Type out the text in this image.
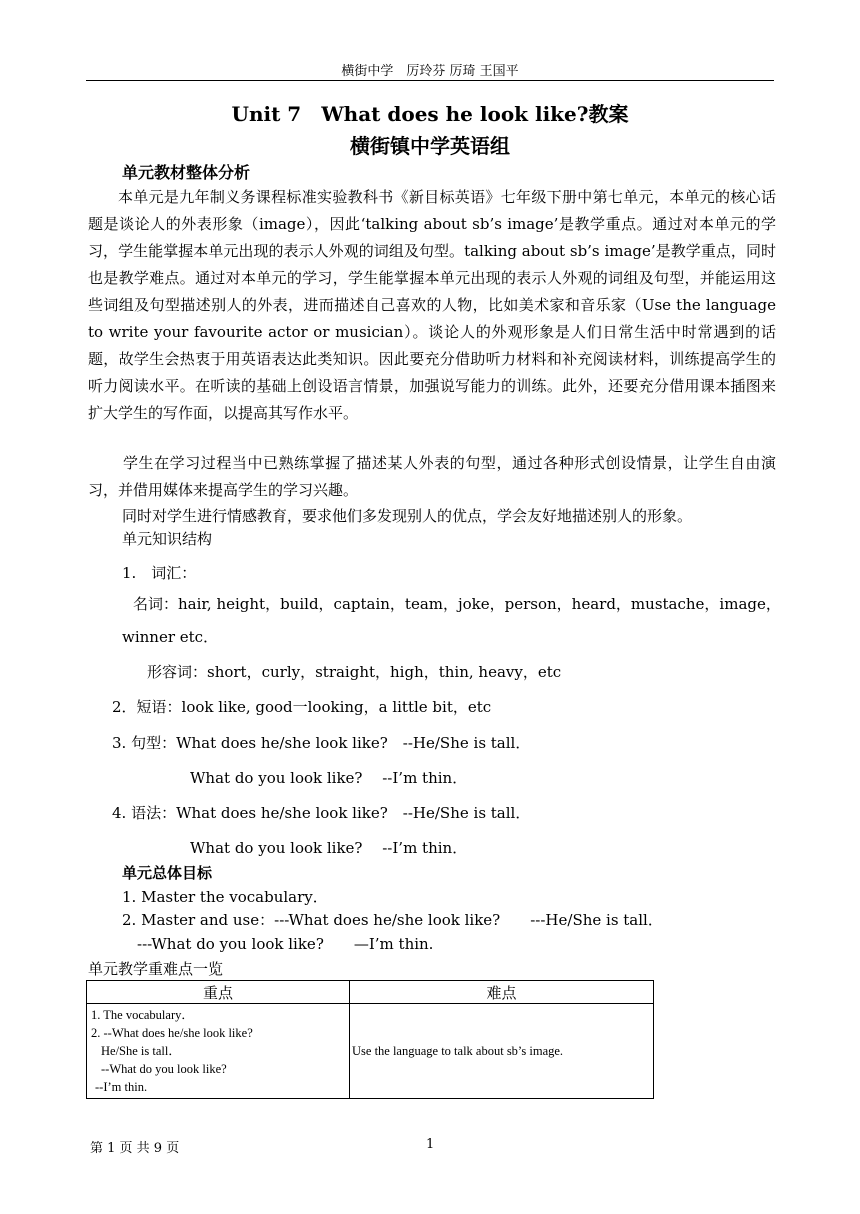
横街中学　厉玲芬 厉琦 王国平
Unit 7　What does he look like?教案
横街镇中学英语组
单元教材整体分析
本单元是九年制义务课程标准实验教科书《新目标英语》七年级下册中第七单元，本单元的核心话题是谈论人的外表形象（image），因此‘talking about sb’s image’是教学重点。通过对本单元的学习，学生能掌握本单元出现的表示人外观的词组及句型。talking about sb’s image’是教学重点，同时也是教学难点。通过对本单元的学习，学生能掌握本单元出现的表示人外观的词组及句型，并能运用这些词组及句型描述别人的外表，进而描述自己喜欢的人物，比如美术家和音乐家（Use the language to write your favourite actor or musician）。谈论人的外观形象是人们日常生活中时常遇到的话题，故学生会热衷于用英语表达此类知识。因此要充分借助听力材料和补充阅读材料，训练提高学生的听力阅读水平。在听读的基础上创设语言情景，加强说写能力的训练。此外，还要充分借用课本插图来扩大学生的写作面，以提高其写作水平。
学生在学习过程当中已熟练掌握了描述某人外表的句型，通过各种形式创设情景，让学生自由演习，并借用媒体来提高学生的学习兴趣。
同时对学生进行情感教育，要求他们多发现别人的优点，学会友好地描述别人的形象。
单元知识结构
1.　词汇：
名词：hair, height，build，captain，team，joke，person，heard，mustache，image，
winner etc．
形容词：short，curly，straight，high，thin, heavy，etc
2．短语：look like, good一looking，a little bit，etc
3. 句型：What does he/she look like?　--He/She is tall．
What do you look like?　 --I’m thin．
4. 语法：What does he/she look like?　--He/She is tall．
What do you look like?　 --I’m thin．
单元总体目标
1. Master the vocabulary．
2. Master and use：---What does he/she look like?　　---He/She is tall．
---What do you look like?　　—I’m thin.
单元教学重难点一览
重点	难点

1. The vocabulary．
2. --What does he/she look like?
He/She is tall．
--What do you look like?
--I’m thin.	Use the language to talk about sb’s image.
第 1 页 共 9 页	1
